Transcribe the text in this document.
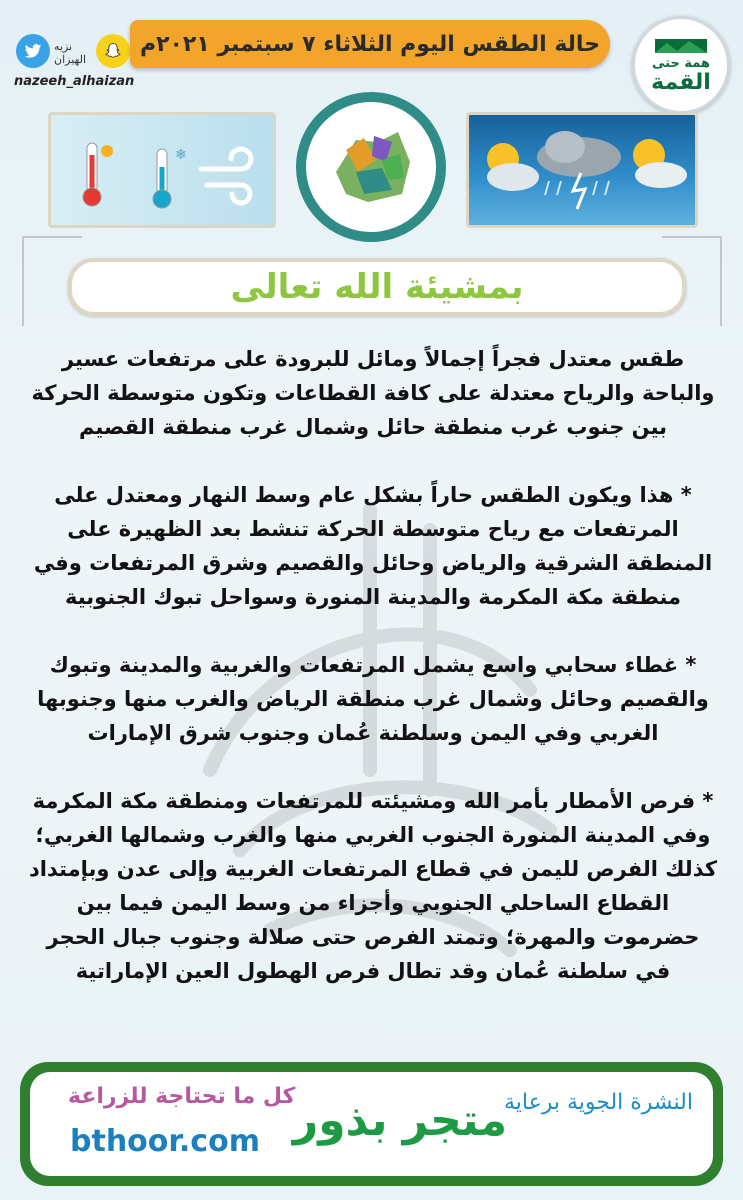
نزيه الهيزان
nazeeh_alhaizan
حالة الطقس اليوم الثلاثاء ٧ سبتمبر ٢٠٢١م
همة حتى
القمة
❄
بمشيئة الله تعالى

طقس معتدل فجراً إجمالاً ومائل للبرودة على مرتفعات عسير والباحة والرياح معتدلة على كافة القطاعات وتكون متوسطة الحركة بين جنوب غرب منطقة حائل وشمال غرب منطقة القصيم

* هذا ويكون الطقس حاراً بشكل عام وسط النهار ومعتدل على المرتفعات مع رياح متوسطة الحركة تنشط بعد الظهيرة على المنطقة الشرقية والرياض وحائل والقصيم وشرق المرتفعات وفي منطقة مكة المكرمة والمدينة المنورة وسواحل تبوك الجنوبية

* غطاء سحابي واسع يشمل المرتفعات والغربية والمدينة وتبوك والقصيم وحائل وشمال غرب منطقة الرياض والغرب منها وجنوبها الغربي وفي اليمن وسلطنة عُمان وجنوب شرق الإمارات

* فرص الأمطار بأمر الله ومشيئته للمرتفعات ومنطقة مكة المكرمة وفي المدينة المنورة الجنوب الغربي منها والغرب وشمالها الغربي؛ كذلك الفرص لليمن في قطاع المرتفعات الغربية وإلى عدن وبإمتداد القطاع الساحلي الجنوبي وأجزاء من وسط اليمن فيما بين حضرموت والمهرة؛ وتمتد الفرص حتى صلالة وجنوب جبال الحجر في سلطنة عُمان وقد تطال فرص الهطول العين الإماراتية

النشرة الجوية برعاية
متجر بذور
كل ما تحتاجة للزراعة
bthoor.com
